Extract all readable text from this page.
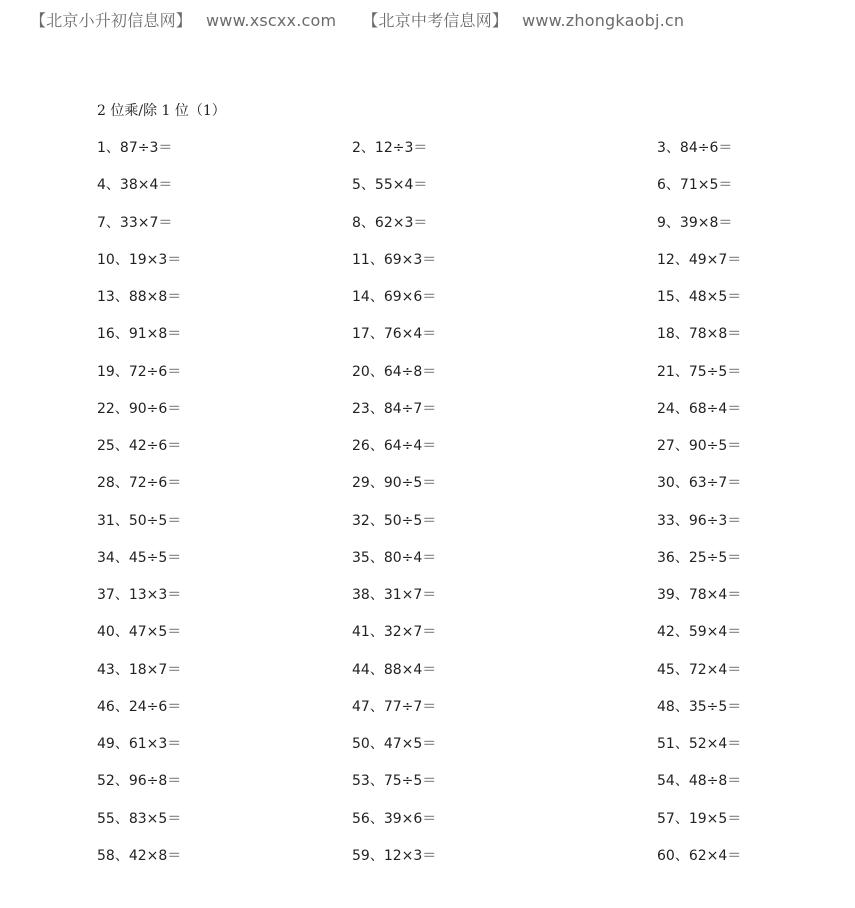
【北京小升初信息网】 www.xscxx.com 【北京中考信息网】 www.zhongkaobj.cn
2 位乘/除 1 位（1）
1、87÷3＝	2、12÷3＝	3、84÷6＝
4、38×4＝	5、55×4＝	6、71×5＝
7、33×7＝	8、62×3＝	9、39×8＝
10、19×3＝	11、69×3＝	12、49×7＝
13、88×8＝	14、69×6＝	15、48×5＝
16、91×8＝	17、76×4＝	18、78×8＝
19、72÷6＝	20、64÷8＝	21、75÷5＝
22、90÷6＝	23、84÷7＝	24、68÷4＝
25、42÷6＝	26、64÷4＝	27、90÷5＝
28、72÷6＝	29、90÷5＝	30、63÷7＝
31、50÷5＝	32、50÷5＝	33、96÷3＝
34、45÷5＝	35、80÷4＝	36、25÷5＝
37、13×3＝	38、31×7＝	39、78×4＝
40、47×5＝	41、32×7＝	42、59×4＝
43、18×7＝	44、88×4＝	45、72×4＝
46、24÷6＝	47、77÷7＝	48、35÷5＝
49、61×3＝	50、47×5＝	51、52×4＝
52、96÷8＝	53、75÷5＝	54、48÷8＝
55、83×5＝	56、39×6＝	57、19×5＝
58、42×8＝	59、12×3＝	60、62×4＝
